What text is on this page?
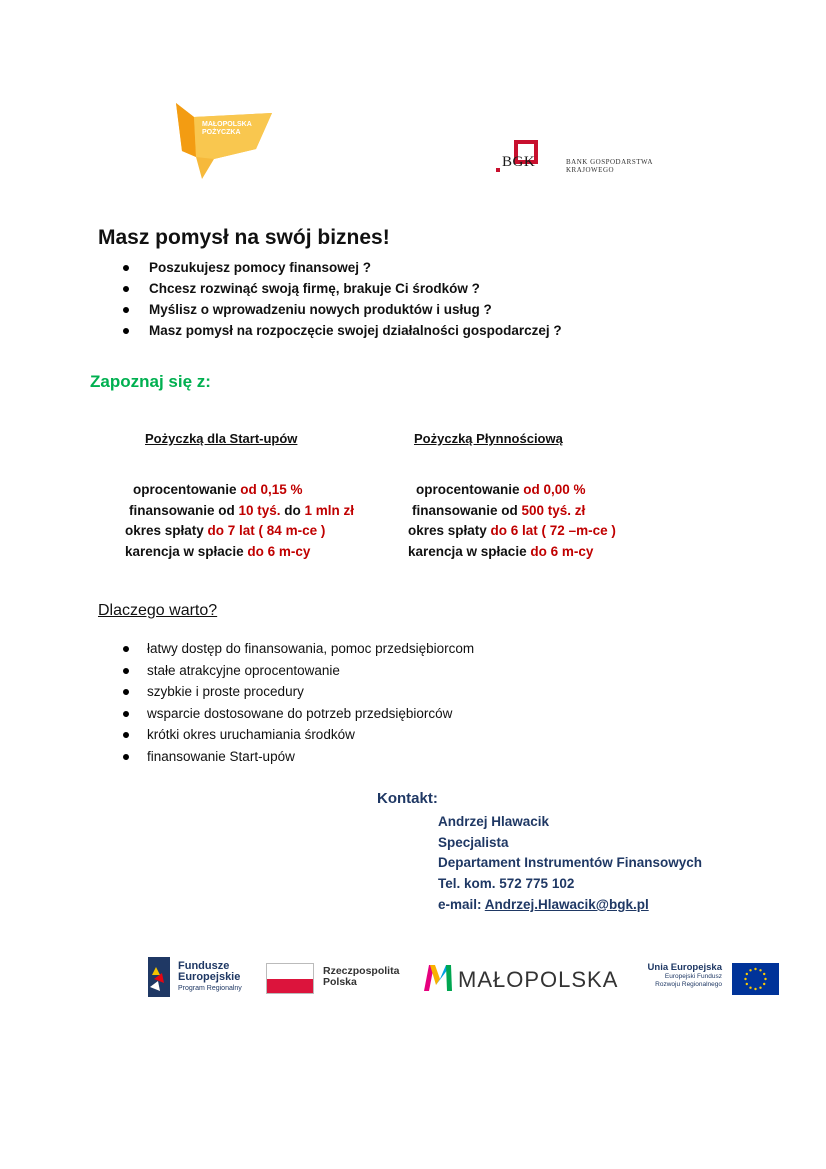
MAŁOPOLSKA
POŻYCZKA
BGK	BANK GOSPODARSTWA
KRAJOWEGO
Masz pomysł na swój biznes!
Poszukujesz pomocy finansowej ?
Chcesz rozwinąć swoją firmę, brakuje Ci środków ?
Myślisz o wprowadzeniu nowych produktów i usług ?
Masz pomysł na rozpoczęcie swojej działalności gospodarczej ?
Zapoznaj się z:
Pożyczką dla Start-upów
oprocentowanie od 0,15 %
finansowanie od 10 tyś. do 1 mln zł
okres spłaty do 7 lat ( 84 m-ce )
karencja w spłacie do 6 m-cy
Pożyczką Płynnościową
oprocentowanie od 0,00 %
finansowanie od 500 tyś. zł
okres spłaty do 6 lat ( 72 –m-ce )
karencja w spłacie do 6 m-cy
Dlaczego warto?
łatwy dostęp do finansowania, pomoc przedsiębiorcom
stałe atrakcyjne oprocentowanie
szybkie i proste procedury
wsparcie dostosowane do potrzeb przedsiębiorców
krótki okres uruchamiania środków
finansowanie Start-upów
Kontakt:
Andrzej Hlawacik
Specjalista
Departament Instrumentów Finansowych
Tel. kom. 572 775 102
e-mail: Andrzej.Hlawacik@bgk.pl
Fundusze
Europejskie
Program Regionalny
Rzeczpospolita
Polska	MAŁOPOLSKA	Unia Europejska
Europejski Fundusz
Rozwoju Regionalnego
